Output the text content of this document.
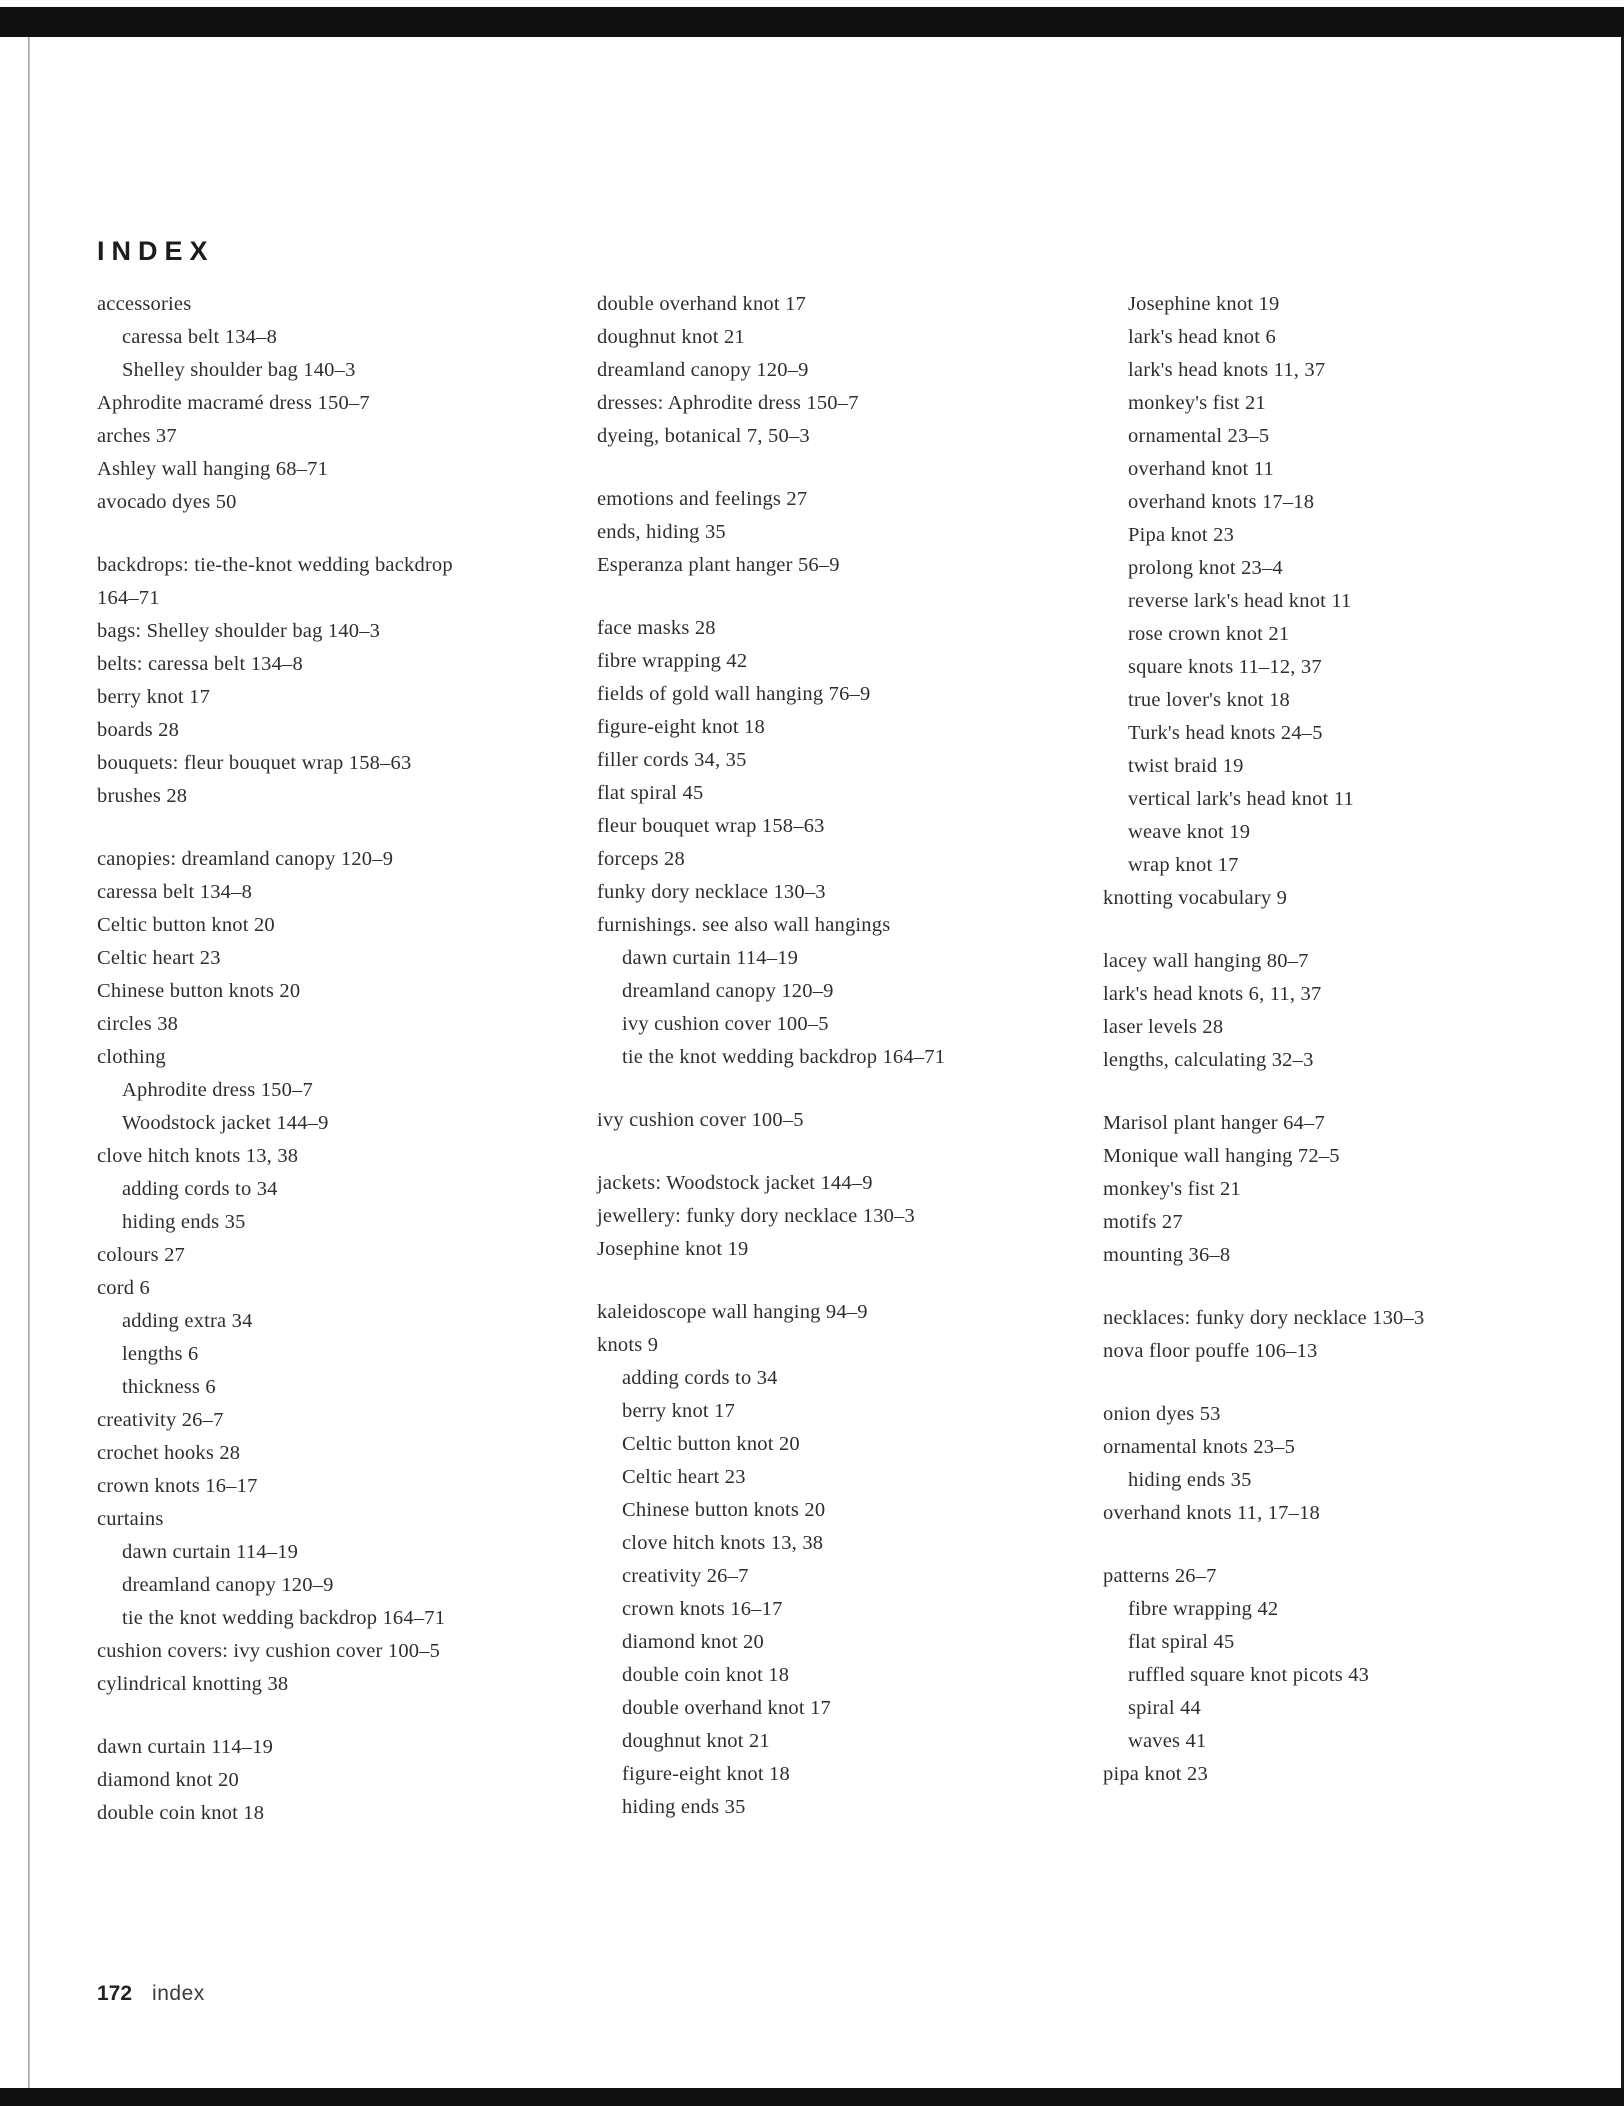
INDEX
accessories
caressa belt 134–8
Shelley shoulder bag 140–3
Aphrodite macramé dress 150–7
arches 37
Ashley wall hanging 68–71
avocado dyes 50
backdrops: tie-the-knot wedding backdrop
164–71
bags: Shelley shoulder bag 140–3
belts: caressa belt 134–8
berry knot 17
boards 28
bouquets: fleur bouquet wrap 158–63
brushes 28
canopies: dreamland canopy 120–9
caressa belt 134–8
Celtic button knot 20
Celtic heart 23
Chinese button knots 20
circles 38
clothing
Aphrodite dress 150–7
Woodstock jacket 144–9
clove hitch knots 13, 38
adding cords to 34
hiding ends 35
colours 27
cord 6
adding extra 34
lengths 6
thickness 6
creativity 26–7
crochet hooks 28
crown knots 16–17
curtains
dawn curtain 114–19
dreamland canopy 120–9
tie the knot wedding backdrop 164–71
cushion covers: ivy cushion cover 100–5
cylindrical knotting 38
dawn curtain 114–19
diamond knot 20
double coin knot 18
double overhand knot 17
doughnut knot 21
dreamland canopy 120–9
dresses: Aphrodite dress 150–7
dyeing, botanical 7, 50–3
emotions and feelings 27
ends, hiding 35
Esperanza plant hanger 56–9
face masks 28
fibre wrapping 42
fields of gold wall hanging 76–9
figure-eight knot 18
filler cords 34, 35
flat spiral 45
fleur bouquet wrap 158–63
forceps 28
funky dory necklace 130–3
furnishings. see also wall hangings
dawn curtain 114–19
dreamland canopy 120–9
ivy cushion cover 100–5
tie the knot wedding backdrop 164–71
ivy cushion cover 100–5
jackets: Woodstock jacket 144–9
jewellery: funky dory necklace 130–3
Josephine knot 19
kaleidoscope wall hanging 94–9
knots 9
adding cords to 34
berry knot 17
Celtic button knot 20
Celtic heart 23
Chinese button knots 20
clove hitch knots 13, 38
creativity 26–7
crown knots 16–17
diamond knot 20
double coin knot 18
double overhand knot 17
doughnut knot 21
figure-eight knot 18
hiding ends 35
Josephine knot 19
lark's head knot 6
lark's head knots 11, 37
monkey's fist 21
ornamental 23–5
overhand knot 11
overhand knots 17–18
Pipa knot 23
prolong knot 23–4
reverse lark's head knot 11
rose crown knot 21
square knots 11–12, 37
true lover's knot 18
Turk's head knots 24–5
twist braid 19
vertical lark's head knot 11
weave knot 19
wrap knot 17
knotting vocabulary 9
lacey wall hanging 80–7
lark's head knots 6, 11, 37
laser levels 28
lengths, calculating 32–3
Marisol plant hanger 64–7
Monique wall hanging 72–5
monkey's fist 21
motifs 27
mounting 36–8
necklaces: funky dory necklace 130–3
nova floor pouffe 106–13
onion dyes 53
ornamental knots 23–5
hiding ends 35
overhand knots 11, 17–18
patterns 26–7
fibre wrapping 42
flat spiral 45
ruffled square knot picots 43
spiral 44
waves 41
pipa knot 23
172 index
